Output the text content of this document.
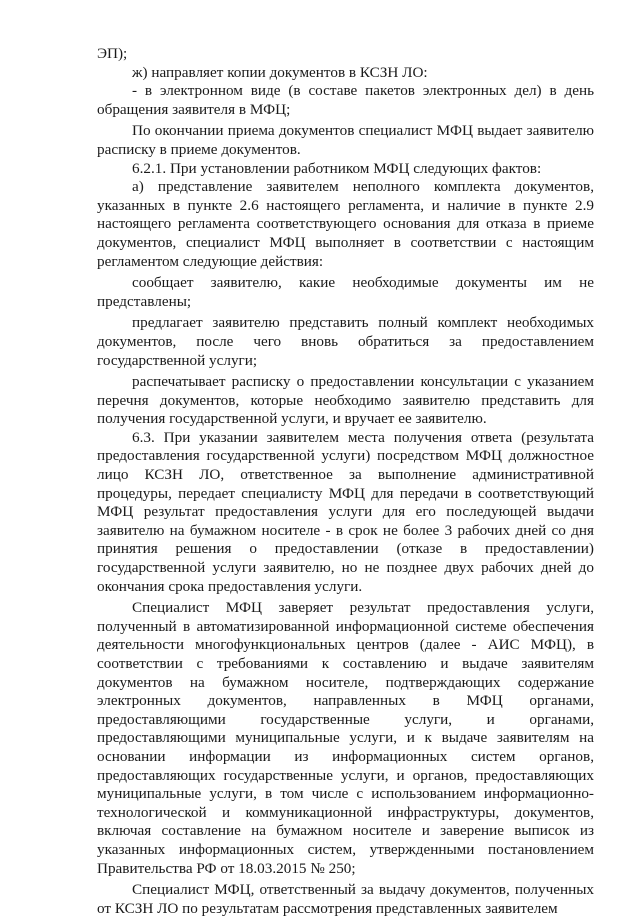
ЭП);

ж) направляет копии документов в КСЗН ЛО:

- в электронном виде (в составе пакетов электронных дел) в день обращения заявителя в МФЦ;

По окончании приема документов специалист МФЦ выдает заявителю расписку в приеме документов.

6.2.1. При установлении работником МФЦ следующих фактов:

а) представление заявителем неполного комплекта документов, указанных в пункте 2.6 настоящего регламента, и наличие в пункте 2.9 настоящего регламента соответствующего основания для отказа в приеме документов, специалист МФЦ выполняет в соответствии с настоящим регламентом следующие действия:

сообщает заявителю, какие необходимые документы им не представлены;

предлагает заявителю представить полный комплект необходимых документов, после чего вновь обратиться за предоставлением государственной услуги;

распечатывает расписку о предоставлении консультации с указанием перечня документов, которые необходимо заявителю представить для получения государственной услуги, и вручает ее заявителю.

6.3. При указании заявителем места получения ответа (результата предоставления государственной услуги) посредством МФЦ должностное лицо КСЗН ЛО, ответственное за выполнение административной процедуры, передает специалисту МФЦ для передачи в соответствующий МФЦ результат предоставления услуги для его последующей выдачи заявителю на бумажном носителе - в срок не более 3 рабочих дней со дня принятия решения о предоставлении (отказе в предоставлении) государственной услуги заявителю, но не позднее двух рабочих дней до окончания срока предоставления услуги.

Специалист МФЦ заверяет результат предоставления услуги, полученный в автоматизированной информационной системе обеспечения деятельности многофункциональных центров (далее - АИС МФЦ), в соответствии с требованиями к составлению и выдаче заявителям документов на бумажном носителе, подтверждающих содержание электронных документов, направленных в МФЦ органами, предоставляющими государственные услуги, и органами, предоставляющими муниципальные услуги, и к выдаче заявителям на основании информации из информационных систем органов, предоставляющих государственные услуги, и органов, предоставляющих муниципальные услуги, в том числе с использованием информационно-технологической и коммуникационной инфраструктуры, документов, включая составление на бумажном носителе и заверение выписок из указанных информационных систем, утвержденными постановлением Правительства РФ от 18.03.2015 № 250;

Специалист МФЦ, ответственный за выдачу документов, полученных от КСЗН ЛО по результатам рассмотрения представленных заявителем
